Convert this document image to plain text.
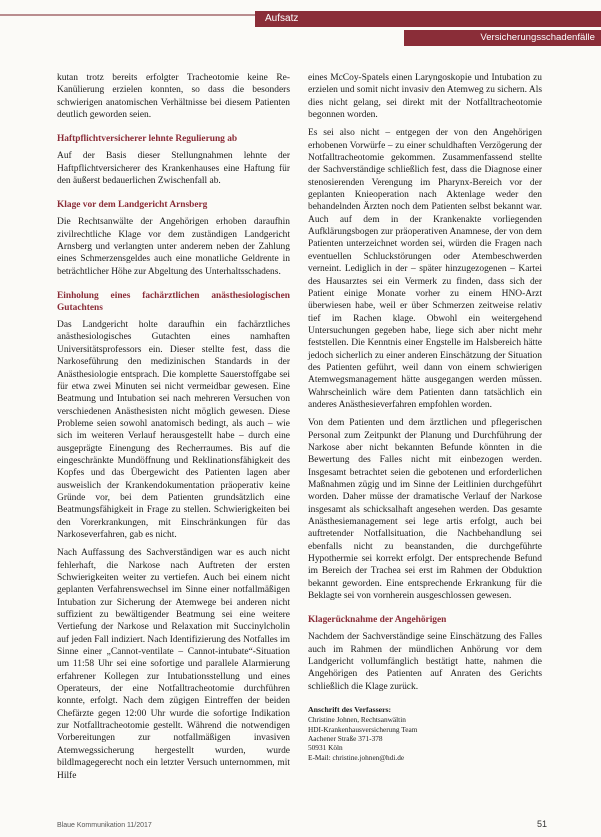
Aufsatz
Versicherungsschadenfälle

kutan trotz bereits erfolgter Tracheotomie keine Re-Kanülierung erzielen konnten, so dass die besonders schwierigen anatomischen Verhältnisse bei diesem Patienten deutlich geworden seien.

Haftpflichtversicherer lehnte Regulierung ab

Auf der Basis dieser Stellungnahmen lehnte der Haftpflichtversicherer des Krankenhauses eine Haftung für den äußerst bedauerlichen Zwischenfall ab.

Klage vor dem Landgericht Arnsberg

Die Rechtsanwälte der Angehörigen erhoben daraufhin zivilrechtliche Klage vor dem zuständigen Landgericht Arnsberg und verlangten unter anderem neben der Zahlung eines Schmerzensgeldes auch eine monatliche Geldrente in beträchtlicher Höhe zur Abgeltung des Unterhaltsschadens.

Einholung eines fachärztlichen anästhesiologischen Gutachtens

Das Landgericht holte daraufhin ein fachärztliches anästhesiologisches Gutachten eines namhaften Universitätsprofessors ein. Dieser stellte fest, dass die Narkoseführung den medizinischen Standards in der Anästhesiologie entsprach. Die komplette Sauerstoffgabe sei für etwa zwei Minuten sei nicht vermeidbar gewesen. Eine Beatmung und Intubation sei nach mehreren Versuchen von verschiedenen Anästhesisten nicht möglich gewesen. Diese Probleme seien sowohl anatomisch bedingt, als auch – wie sich im weiteren Verlauf herausgestellt habe – durch eine ausgeprägte Einengung des Recherraumes. Bis auf die eingeschränkte Mundöffnung und Reklinationsfähigkeit des Kopfes und das Übergewicht des Patienten lagen aber ausweislich der Krankendokumentation präoperativ keine Gründe vor, bei dem Patienten grundsätzlich eine Beatmungsfähigkeit in Frage zu stellen. Schwierigkeiten bei den Vorerkrankungen, mit Einschränkungen für das Narkoseverfahren, gab es nicht.

Nach Auffassung des Sachverständigen war es auch nicht fehlerhaft, die Narkose nach Auftreten der ersten Schwierigkeiten weiter zu vertiefen. Auch bei einem nicht geplanten Verfahrenswechsel im Sinne einer notfallmäßigen Intubation zur Sicherung der Atemwege bei anderen nicht suffizient zu bewältigender Beatmung sei eine weitere Vertiefung der Narkose und Relaxation mit Succinylcholin auf jeden Fall indiziert. Nach Identifizierung des Notfalles im Sinne einer „Cannot-ventilate – Cannot-intubate“-Situation um 11:58 Uhr sei eine sofortige und parallele Alarmierung erfahrener Kollegen zur Intubationsstellung und eines Operateurs, der eine Notfalltracheotomie durchführen konnte, erfolgt. Nach dem zügigen Eintreffen der beiden Chefärzte gegen 12:00 Uhr wurde die sofortige Indikation zur Notfalltracheotomie gestellt. Während die notwendigen Vorbereitungen zur notfallmäßigen invasiven Atemwegssicherung hergestellt wurden, wurde bildlmagegerecht noch ein letzter Versuch unternommen, mit Hilfe

eines McCoy-Spatels einen Laryngoskopie und Intubation zu erzielen und somit nicht invasiv den Atemweg zu sichern. Als dies nicht gelang, sei direkt mit der Notfalltracheotomie begonnen worden.

Es sei also nicht – entgegen der von den Angehörigen erhobenen Vorwürfe – zu einer schuldhaften Verzögerung der Notfalltracheotomie gekommen. Zusammenfassend stellte der Sachverständige schließlich fest, dass die Diagnose einer stenosierenden Verengung im Pharynx-Bereich vor der geplanten Knieoperation nach Aktenlage weder den behandelnden Ärzten noch dem Patienten selbst bekannt war. Auch auf dem in der Krankenakte vorliegenden Aufklärungsbogen zur präoperativen Anamnese, der von dem Patienten unterzeichnet worden sei, würden die Fragen nach eventuellen Schluckstörungen oder Atembeschwerden verneint. Lediglich in der – später hinzugezogenen – Kartei des Hausarztes sei ein Vermerk zu finden, dass sich der Patient einige Monate vorher zu einem HNO-Arzt überwiesen habe, weil er über Schmerzen zeitweise relativ tief im Rachen klage. Obwohl ein weitergehend Untersuchungen gegeben habe, liege sich aber nicht mehr feststellen. Die Kenntnis einer Engstelle im Halsbereich hätte jedoch sicherlich zu einer anderen Einschätzung der Situation des Patienten geführt, weil dann von einem schwierigen Atemwegsmanagement hätte ausgegangen werden müssen. Wahrscheinlich wäre dem Patienten dann tatsächlich ein anderes Anästhesieverfahren empfohlen worden.

Von dem Patienten und dem ärztlichen und pflegerischen Personal zum Zeitpunkt der Planung und Durchführung der Narkose aber nicht bekannten Befunde könnten in die Bewertung des Falles nicht mit einbezogen werden. Insgesamt betrachtet seien die gebotenen und erforderlichen Maßnahmen zügig und im Sinne der Leitlinien durchgeführt worden. Daher müsse der dramatische Verlauf der Narkose insgesamt als schicksalhaft angesehen werden. Das gesamte Anästhesiemanagement sei lege artis erfolgt, auch bei auftretender Notfallsituation, die Nachbehandlung sei ebenfalls nicht zu beanstanden, die durchgeführte Hypothermie sei korrekt erfolgt. Der entsprechende Befund im Bereich der Trachea sei erst im Rahmen der Obduktion bekannt geworden. Eine entsprechende Erkrankung für die Beklagte sei von vornherein ausgeschlossen gewesen.

Klagerücknahme der Angehörigen

Nachdem der Sachverständige seine Einschätzung des Falles auch im Rahmen der mündlichen Anhörung vor dem Landgericht vollumfänglich bestätigt hatte, nahmen die Angehörigen des Patienten auf Anraten des Gerichts schließlich die Klage zurück.

Anschrift des Verfassers:
Christine Johnen, Rechtsanwältin
HDI-Krankenhausversicherung Team
Aachener Straße 371-378
50931 Köln
E-Mail: christine.johnen@hdi.de
Blaue Kommunikation 11/2017	51
